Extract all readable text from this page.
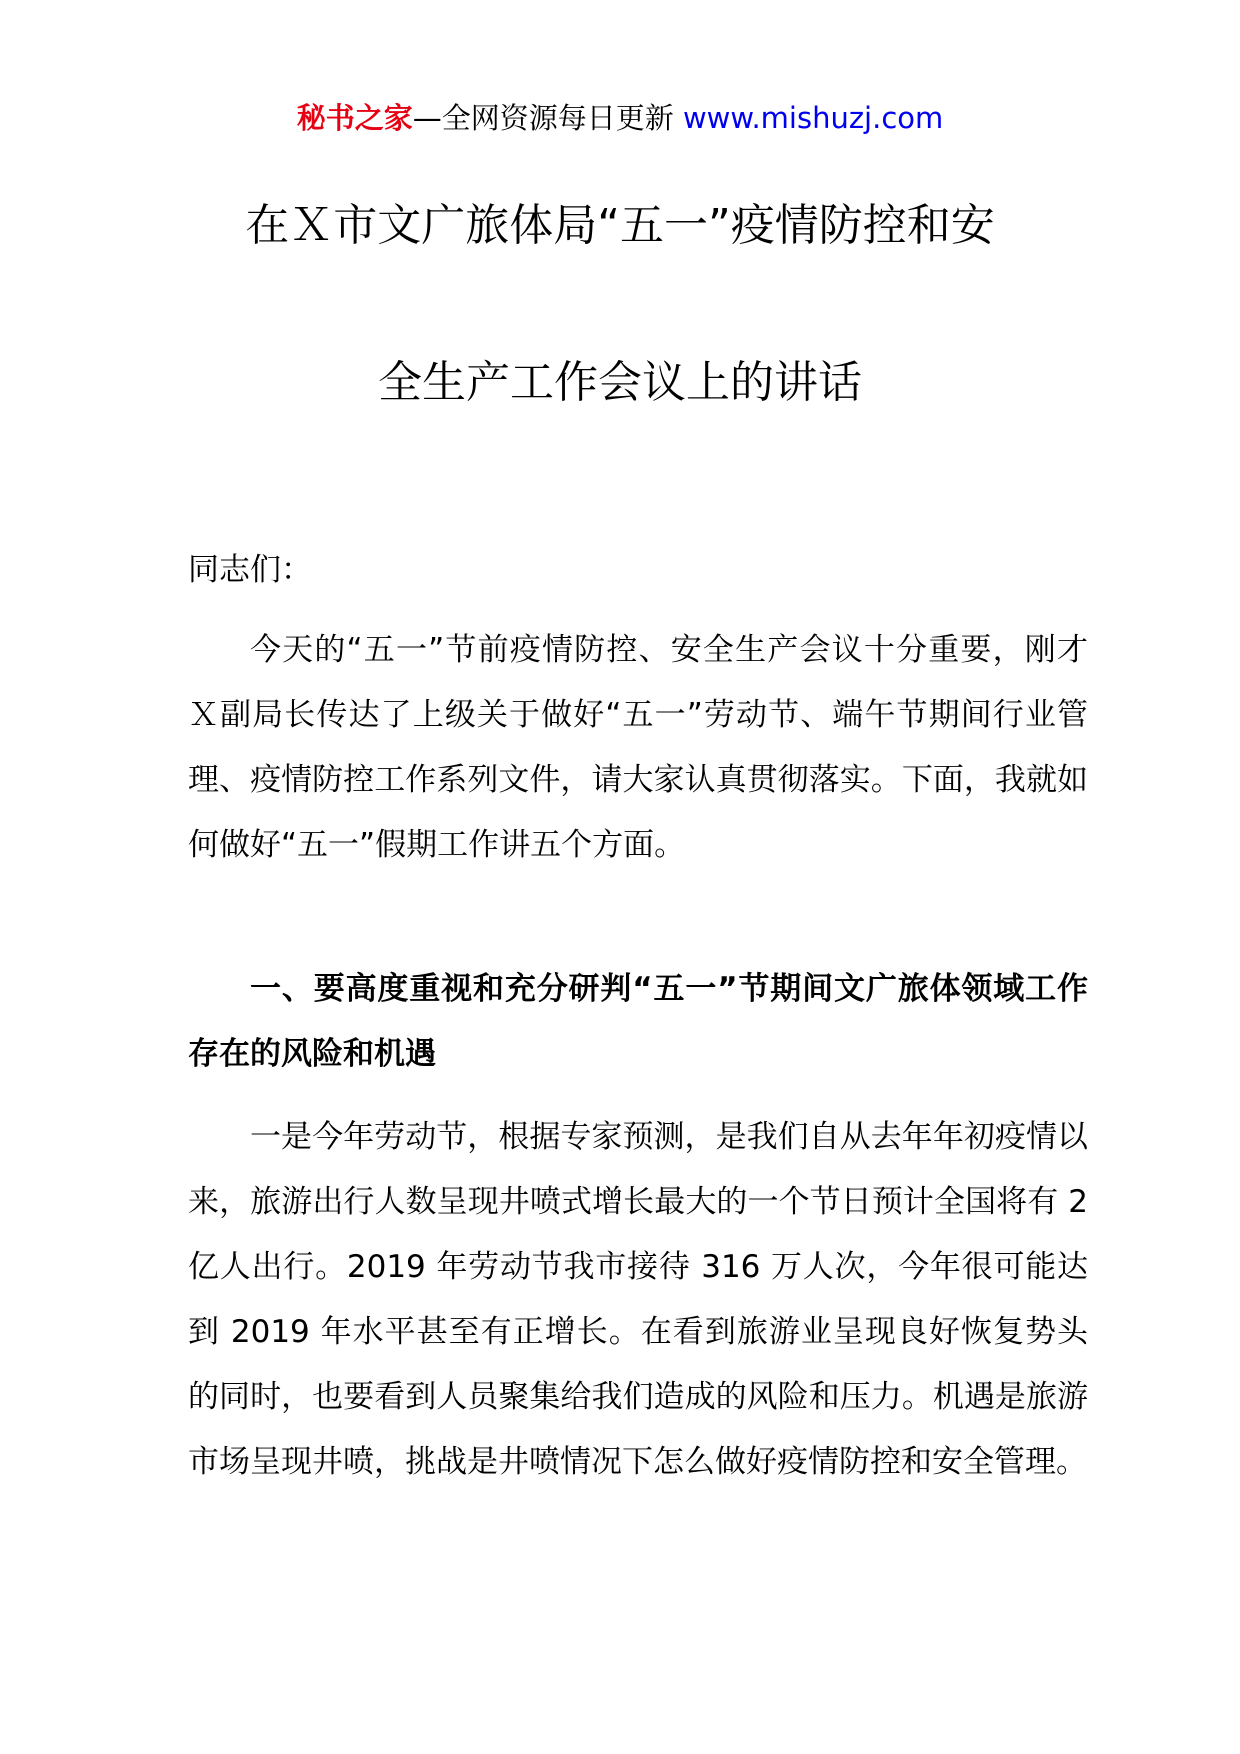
秘书之家—全网资源每日更新 www.mishuzj.com
在Ｘ市文广旅体局“五一”疫情防控和安
全生产工作会议上的讲话
同志们：

今天的“五一”节前疫情防控、安全生产会议十分重要，刚才Ｘ副局长传达了上级关于做好“五一”劳动节、端午节期间行业管理、疫情防控工作系列文件，请大家认真贯彻落实。下面，我就如何做好“五一”假期工作讲五个方面。

一、要高度重视和充分研判“五一”节期间文广旅体领域工作存在的风险和机遇

一是今年劳动节，根据专家预测，是我们自从去年年初疫情以来，旅游出行人数呈现井喷式增长最大的一个节日预计全国将有 2 亿人出行。2019 年劳动节我市接待 316 万人次，今年很可能达到 2019 年水平甚至有正增长。在看到旅游业呈现良好恢复势头的同时，也要看到人员聚集给我们造成的风险和压力。机遇是旅游市场呈现井喷，挑战是井喷情况下怎么做好疫情防控和安全管理。
